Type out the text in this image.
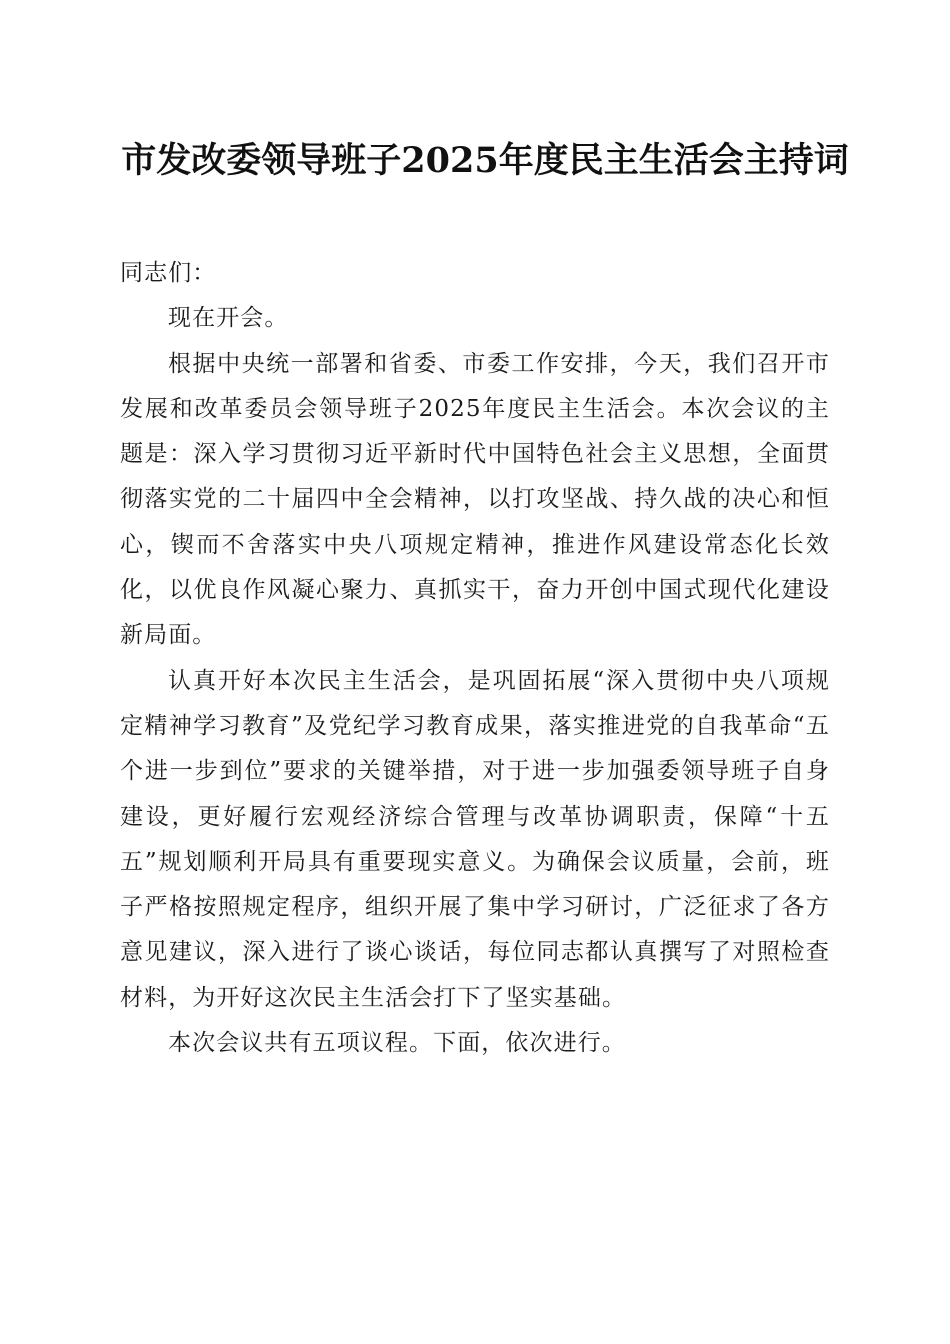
市发改委领导班子2025年度民主生活会主持词

同志们：

现在开会。

根据中央统一部署和省委、市委工作安排，今天，我们召开市发展和改革委员会领导班子2025年度民主生活会。本次会议的主题是：深入学习贯彻习近平新时代中国特色社会主义思想，全面贯彻落实党的二十届四中全会精神，以打攻坚战、持久战的决心和恒心，锲而不舍落实中央八项规定精神，推进作风建设常态化长效化，以优良作风凝心聚力、真抓实干，奋力开创中国式现代化建设新局面。

认真开好本次民主生活会，是巩固拓展“深入贯彻中央八项规定精神学习教育”及党纪学习教育成果，落实推进党的自我革命“五个进一步到位”要求的关键举措，对于进一步加强委领导班子自身建设，更好履行宏观经济综合管理与改革协调职责，保障“十五五”规划顺利开局具有重要现实意义。为确保会议质量，会前，班子严格按照规定程序，组织开展了集中学习研讨，广泛征求了各方意见建议，深入进行了谈心谈话，每位同志都认真撰写了对照检查材料，为开好这次民主生活会打下了坚实基础。

本次会议共有五项议程。下面，依次进行。
